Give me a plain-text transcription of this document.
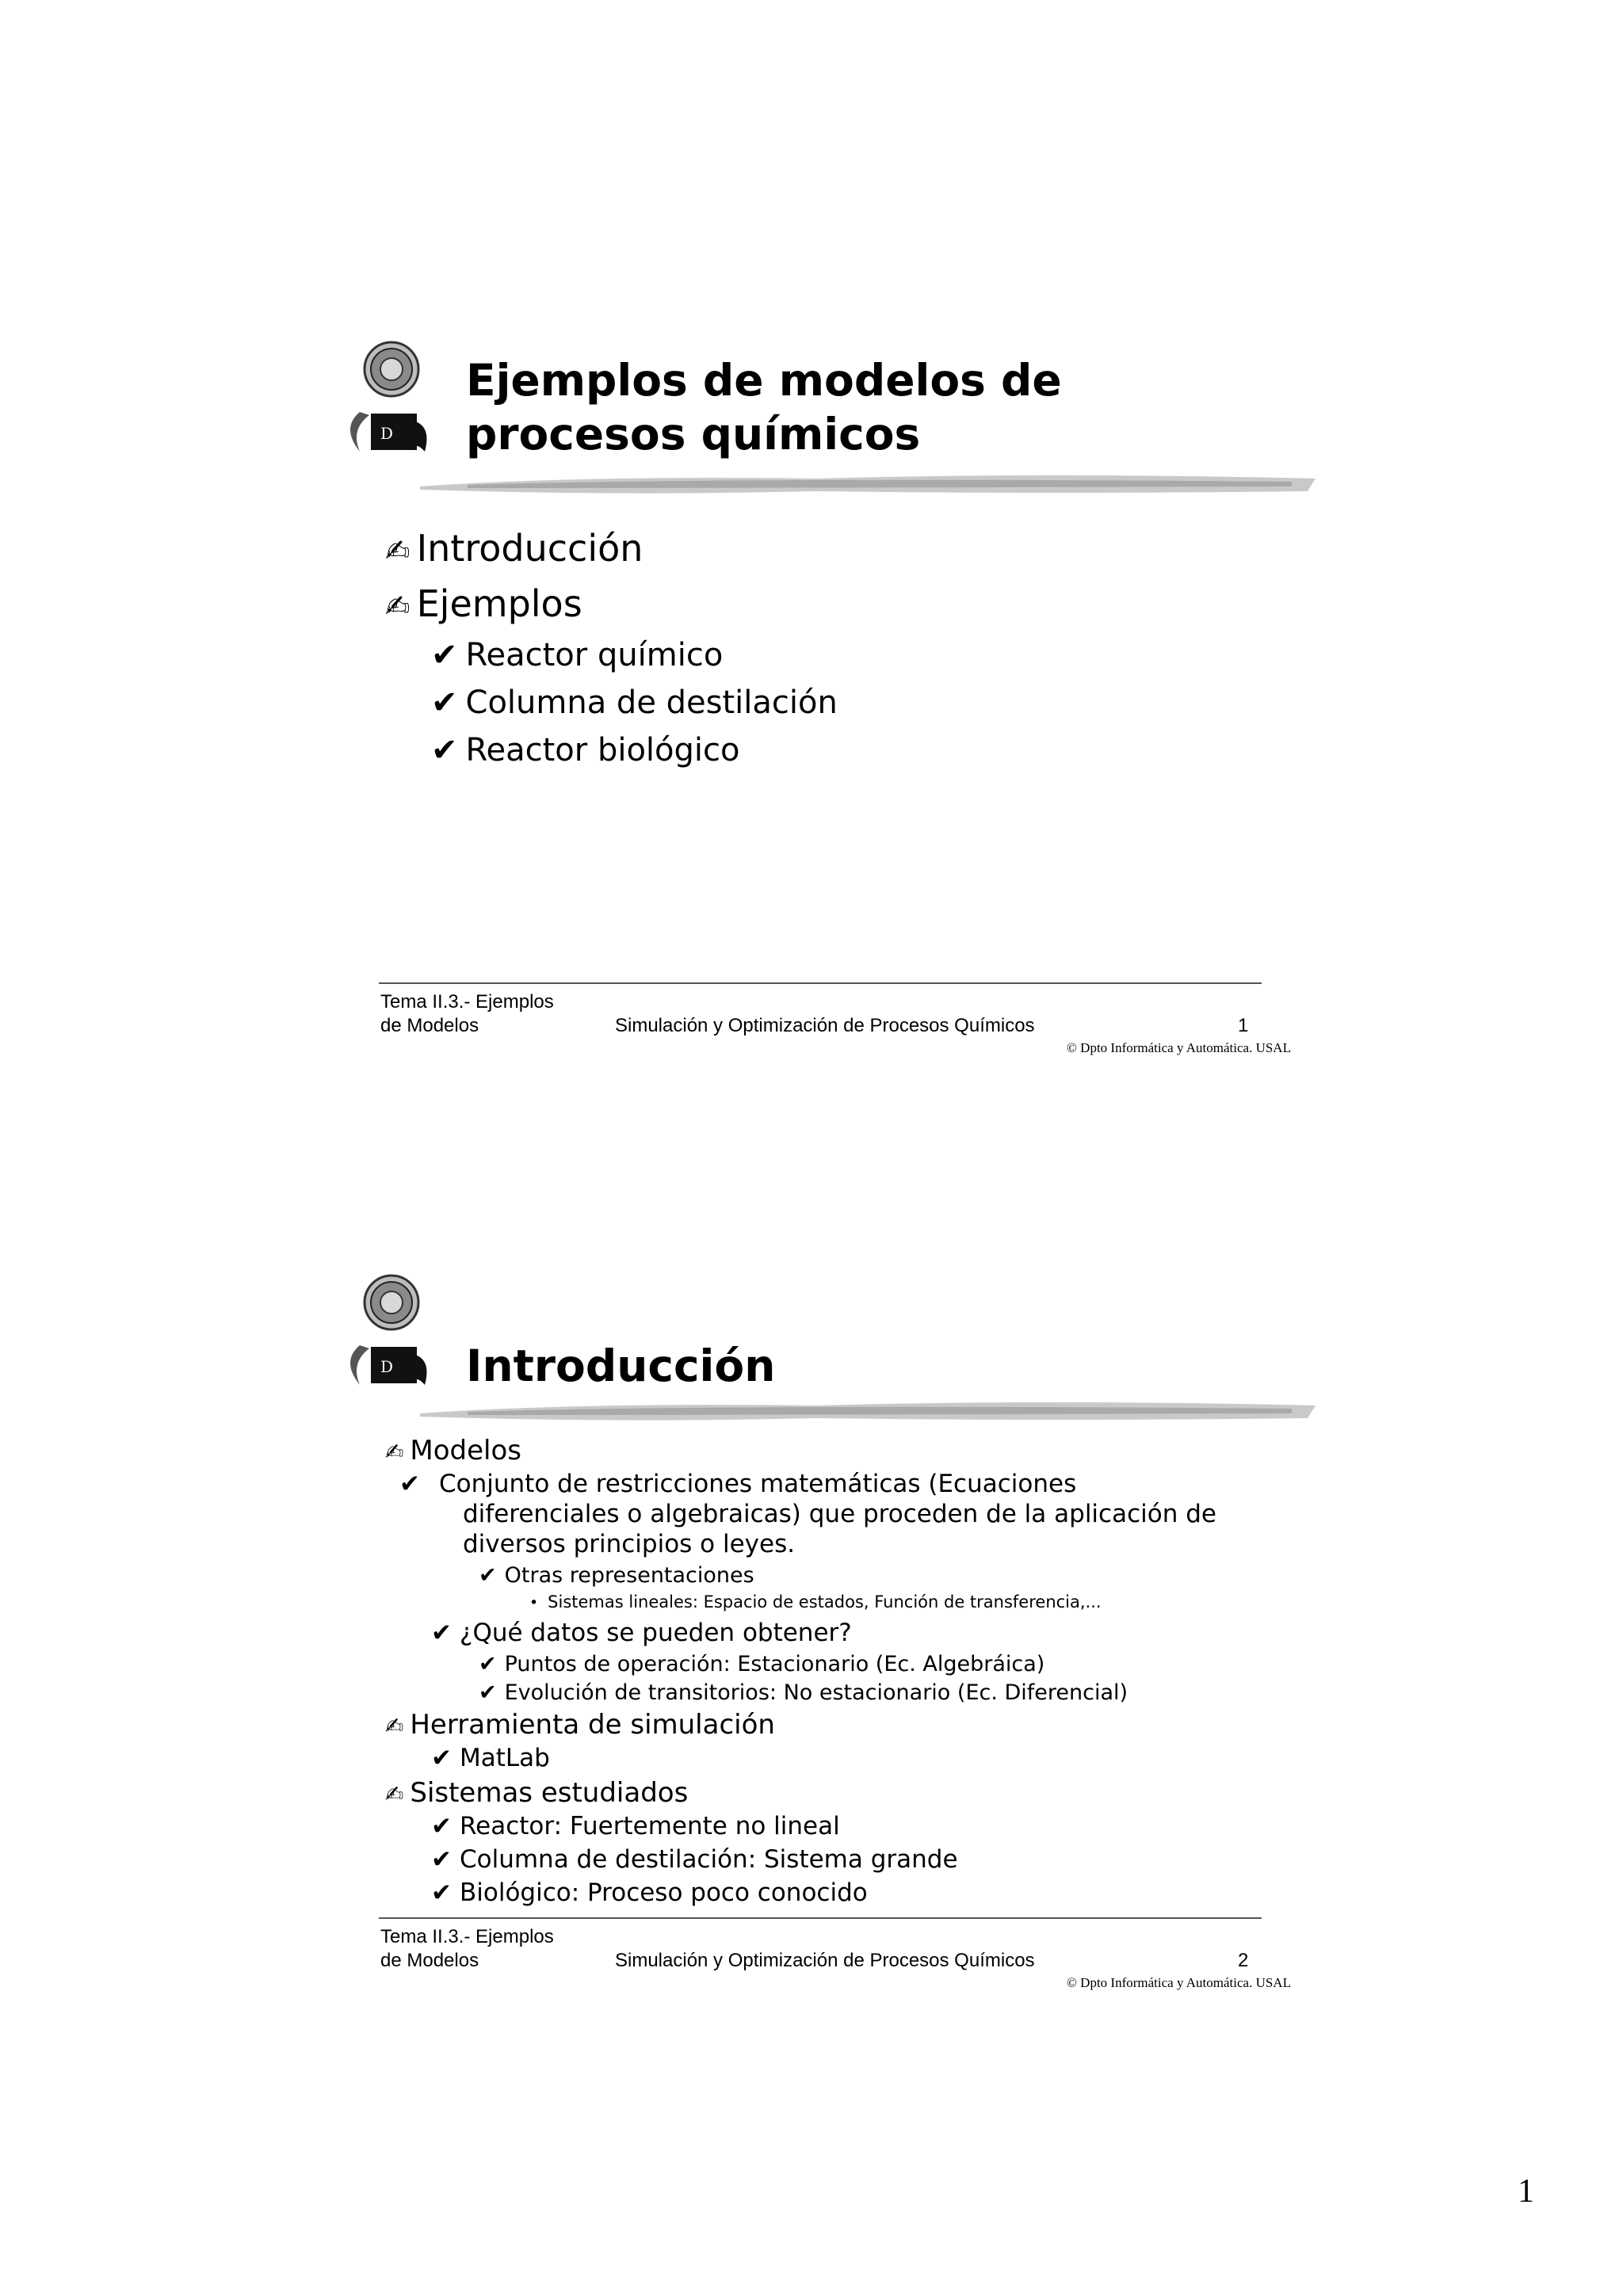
D
Ejemplos de modelos de
procesos químicos
✍ Introducción
✍ Ejemplos
✔ Reactor químico
✔ Columna de destilación
✔ Reactor biológico
Tema II.3.- Ejemplos
de Modelos	Simulación y Optimización de Procesos Químicos	1
© Dpto Informática y Automática. USAL
D Introducción
✍ Modelos
✔ Conjunto de restricciones matemáticas (Ecuaciones diferenciales o algebraicas) que proceden de la aplicación de diversos principios o leyes.
✔ Otras representaciones
• Sistemas lineales: Espacio de estados, Función de transferencia,...
✔ ¿Qué datos se pueden obtener?
✔ Puntos de operación: Estacionario (Ec. Algebráica)
✔ Evolución de transitorios: No estacionario (Ec. Diferencial)
✍ Herramienta de simulación
✔ MatLab
✍ Sistemas estudiados
✔ Reactor: Fuertemente no lineal
✔ Columna de destilación: Sistema grande
✔ Biológico: Proceso poco conocido
Tema II.3.- Ejemplos
de Modelos	Simulación y Optimización de Procesos Químicos	2
© Dpto Informática y Automática. USAL
1
